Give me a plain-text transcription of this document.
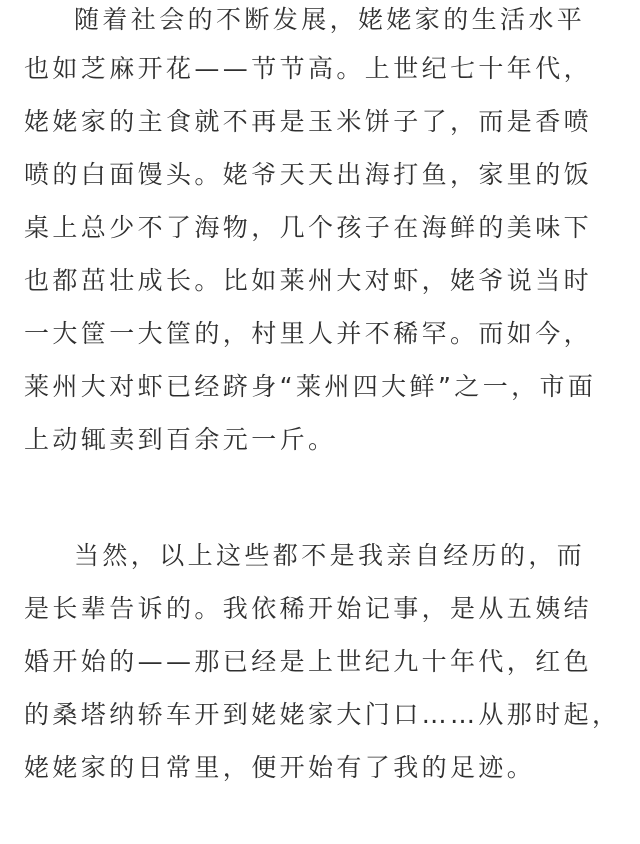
随着社会的不断发展，姥姥家的生活水平
也如芝麻开花——节节高。上世纪七十年代，
姥姥家的主食就不再是玉米饼子了，而是香喷
喷的白面馒头。姥爷天天出海打鱼，家里的饭
桌上总少不了海物，几个孩子在海鲜的美味下
也都茁壮成长。比如莱州大对虾，姥爷说当时
一大筐一大筐的，村里人并不稀罕。而如今，
莱州大对虾已经跻身“莱州四大鲜”之一，市面
上动辄卖到百余元一斤。
当然，以上这些都不是我亲自经历的，而
是长辈告诉的。我依稀开始记事，是从五姨结
婚开始的——那已经是上世纪九十年代，红色
的桑塔纳轿车开到姥姥家大门口……从那时起，
姥姥家的日常里，便开始有了我的足迹。
